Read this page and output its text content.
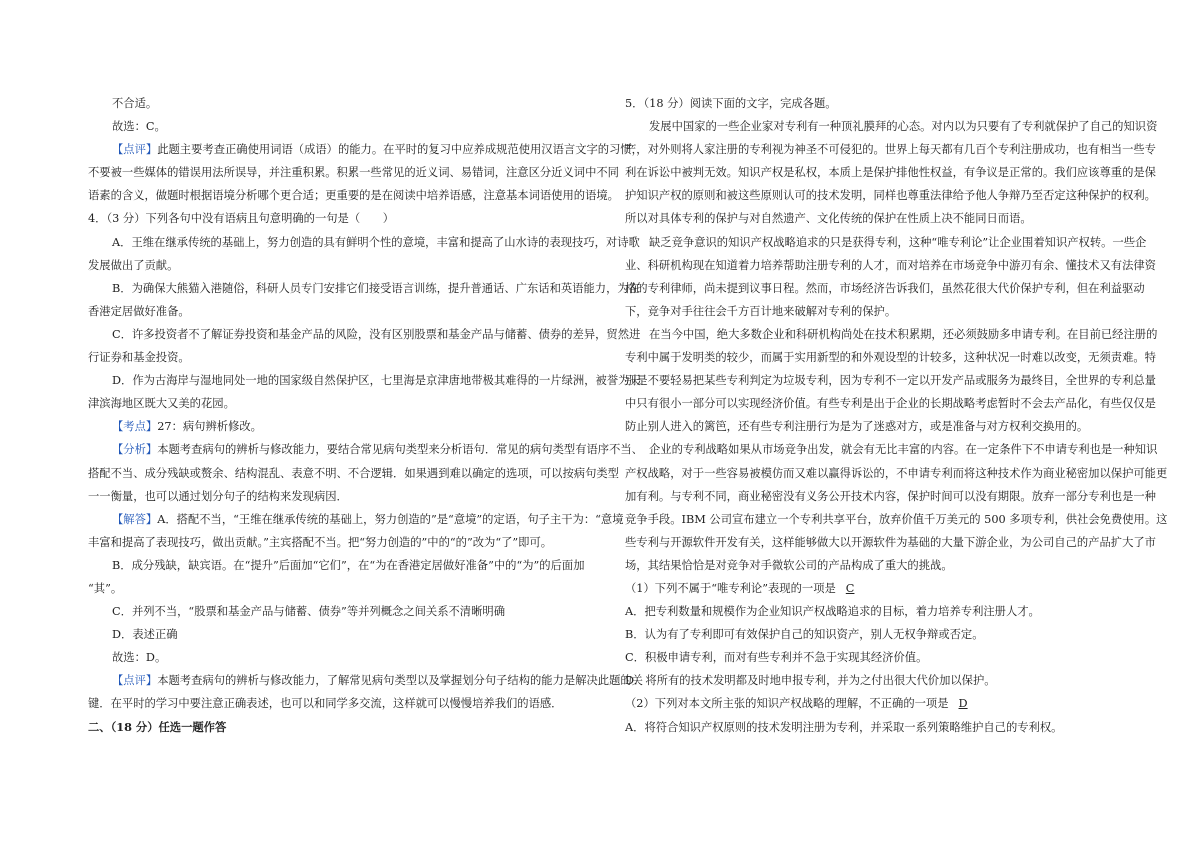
不合适。
故选：C。
【点评】此题主要考查正确使用词语（成语）的能力。在平时的复习中应养成规范使用汉语言文字的习惯，
不要被一些媒体的错误用法所误导，并注重积累。积累一些常见的近义词、易错词，注意区分近义词中不同
语素的含义，做题时根据语境分析哪个更合适；更重要的是在阅读中培养语感，注意基本词语使用的语境。
4．（3 分）下列各句中没有语病且句意明确的一句是（　　）
A．王维在继承传统的基础上，努力创造的具有鲜明个性的意境，丰富和提高了山水诗的表现技巧，对诗歌
发展做出了贡献。
B．为确保大熊猫入港随俗，科研人员专门安排它们接受语言训练，提升普通话、广东话和英语能力，为在
香港定居做好准备。
C．许多投资者不了解证券投资和基金产品的风险，没有区别股票和基金产品与储蓄、债券的差异，贸然进
行证券和基金投资。
D．作为古海岸与湿地同处一地的国家级自然保护区，七里海是京津唐地带极其难得的一片绿洲，被誉为天
津滨海地区既大又美的花园。
【考点】27：病句辨析修改。
【分析】本题考查病句的辨析与修改能力，要结合常见病句类型来分析语句．常见的病句类型有语序不当、
搭配不当、成分残缺或赘余、结构混乱、表意不明、不合逻辑．如果遇到难以确定的选项，可以按病句类型
一一衡量，也可以通过划分句子的结构来发现病因．
【解答】A．搭配不当，“王维在继承传统的基础上，努力创造的”是“意境”的定语，句子主干为：“意境
丰富和提高了表现技巧，做出贡献。”主宾搭配不当。把“努力创造的”中的“的”改为“了”即可。
B．成分残缺，缺宾语。在“提升”后面加“它们”，在“为在香港定居做好准备”中的“为”的后面加
“其”。
C．并列不当，“股票和基金产品与储蓄、债券”等并列概念之间关系不清晰明确
D．表述正确
故选：D。
【点评】本题考查病句的辨析与修改能力，了解常见病句类型以及掌握划分句子结构的能力是解决此题的关
键．在平时的学习中要注意正确表述，也可以和同学多交流，这样就可以慢慢培养我们的语感．
二、（18 分）任选一题作答
5．（18 分）阅读下面的文字，完成各题。
发展中国家的一些企业家对专利有一种顶礼膜拜的心态。对内以为只要有了专利就保护了自己的知识资
产，对外则将人家注册的专利视为神圣不可侵犯的。世界上每天都有几百个专利注册成功，也有相当一些专
利在诉讼中被判无效。知识产权是私权，本质上是保护排他性权益，有争议是正常的。我们应该尊重的是保
护知识产权的原则和被这些原则认可的技术发明，同样也尊重法律给予他人争辩乃至否定这种保护的权利。
所以对具体专利的保护与对自然遗产、文化传统的保护在性质上决不能同日而语。
缺乏竞争意识的知识产权战略追求的只是获得专利，这种“唯专利论”让企业围着知识产权转。一些企
业、科研机构现在知道着力培养帮助注册专利的人才，而对培养在市场竞争中游刃有余、懂技术又有法律资
格的专利律师，尚未提到议事日程。然而，市场经济告诉我们，虽然花很大代价保护专利，但在利益驱动
下，竞争对手往往会千方百计地来破解对专利的保护。
在当今中国，绝大多数企业和科研机构尚处在技术积累期，还必须鼓励多申请专利。在目前已经注册的
专利中属于发明类的较少，而属于实用新型的和外观设型的计较多，这种状况一时难以改变，无须责难。特
别是不要轻易把某些专利判定为垃圾专利，因为专利不一定以开发产品或服务为最终目，全世界的专利总量
中只有很小一部分可以实现经济价值。有些专利是出于企业的长期战略考虑暂时不会去产品化，有些仅仅是
防止别人进入的篱笆，还有些专利注册行为是为了迷惑对方，或是准备与对方权利交换用的。
企业的专利战略如果从市场竞争出发，就会有无比丰富的内容。在一定条件下不申请专利也是一种知识
产权战略，对于一些容易被模仿而又难以赢得诉讼的，不申请专利而将这种技术作为商业秘密加以保护可能更
加有利。与专利不同，商业秘密没有义务公开技术内容，保护时间可以没有期限。放弃一部分专利也是一种
竞争手段。IBM 公司宣布建立一个专利共享平台，放弃价值千万美元的 500 多项专利，供社会免费使用。这
些专利与开源软件开发有关，这样能够做大以开源软件为基础的大量下游企业，为公司自己的产品扩大了市
场，其结果恰恰是对竞争对手微软公司的产品构成了重大的挑战。
（1）下列不属于“唯专利论”表现的一项是 C
A．把专利数量和规模作为企业知识产权战略追求的目标，着力培养专利注册人才。
B．认为有了专利即可有效保护自己的知识资产，别人无权争辩或否定。
C．积极申请专利，而对有些专利并不急于实现其经济价值。
D．将所有的技术发明都及时地申报专利，并为之付出很大代价加以保护。
（2）下列对本文所主张的知识产权战略的理解，不正确的一项是 D
A．将符合知识产权原则的技术发明注册为专利，并采取一系列策略维护自己的专利权。
